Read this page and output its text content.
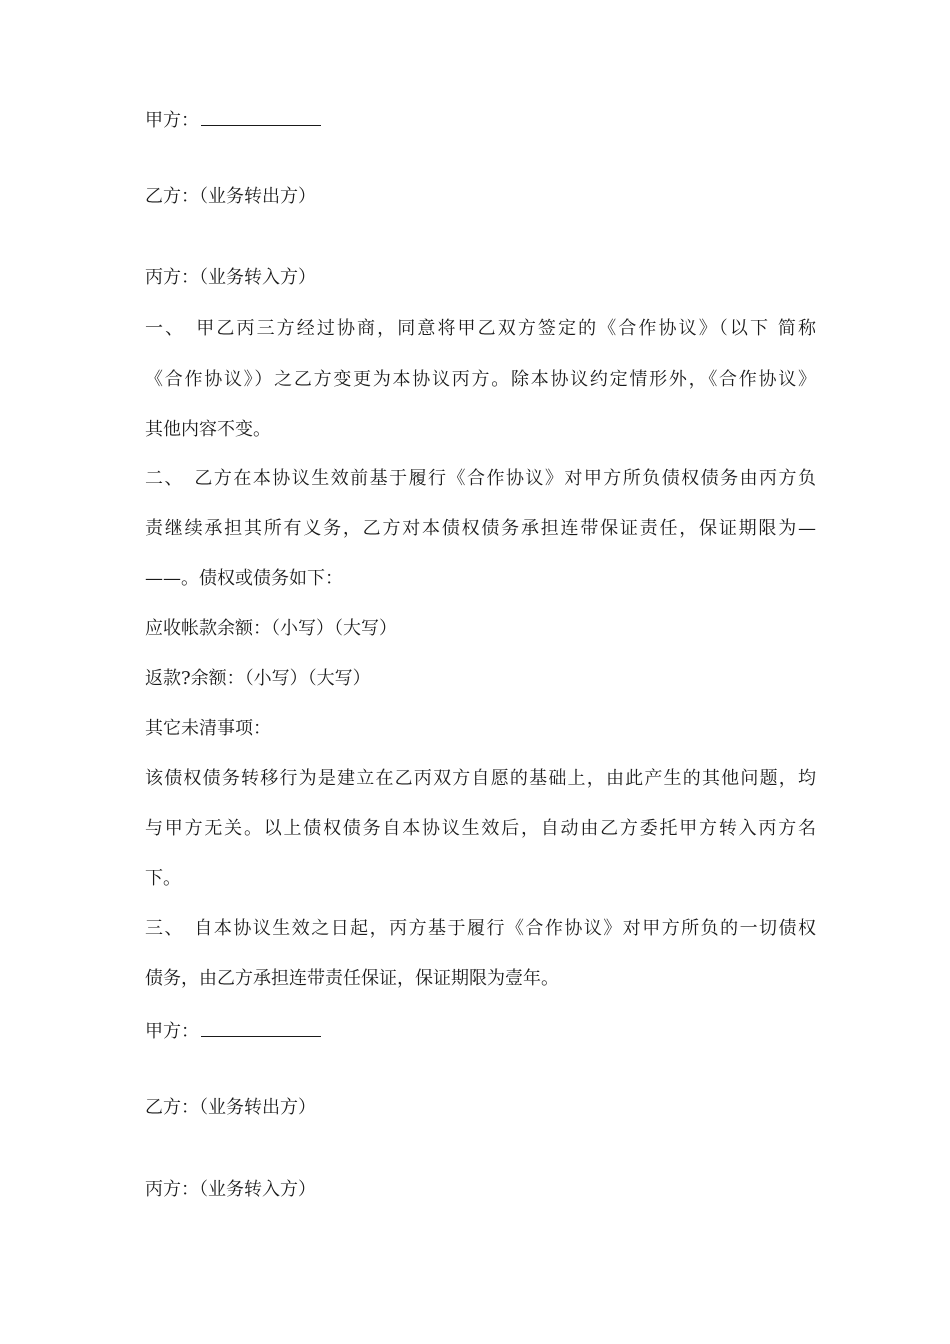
甲方：
乙方：（业务转出方）
丙方：（业务转入方）
一、　甲乙丙三方经过协商，同意将甲乙双方签定的《合作协议》（以下 简称
《合作协议》）之乙方变更为本协议丙方。除本协议约定情形外，《合作协议》
其他内容不变。
二、　乙方在本协议生效前基于履行《合作协议》对甲方所负债权债务由丙方负
责继续承担其所有义务，乙方对本债权债务承担连带保证责任，保证期限为—
——。债权或债务如下：
应收帐款余额：（小写）（大写）
返款?余额：（小写）（大写）
其它未清事项：
该债权债务转移行为是建立在乙丙双方自愿的基础上，由此产生的其他问题，均
与甲方无关。以上债权债务自本协议生效后，自动由乙方委托甲方转入丙方名
下。
三、　自本协议生效之日起，丙方基于履行《合作协议》对甲方所负的一切债权
债务，由乙方承担连带责任保证，保证期限为壹年。
甲方：
乙方：（业务转出方）
丙方：（业务转入方）
